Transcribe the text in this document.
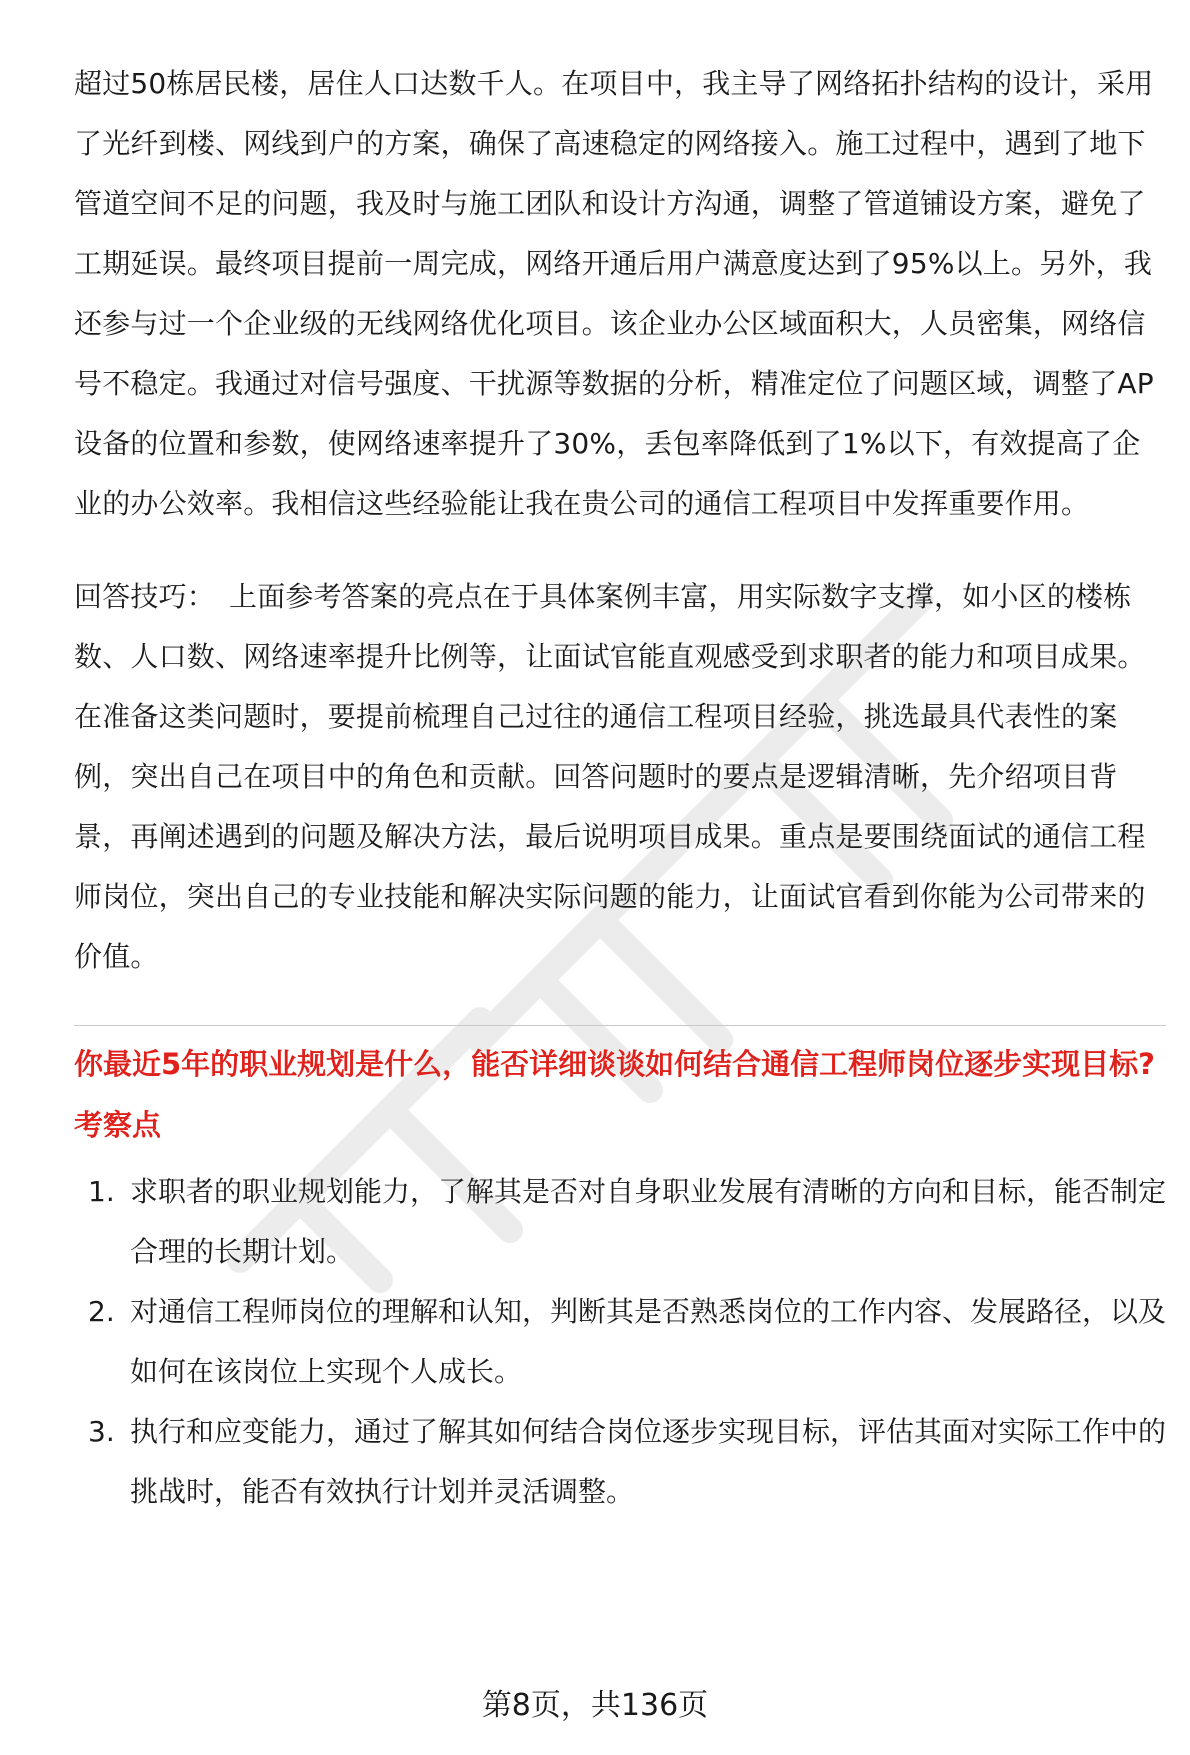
超过50栋居民楼，居住人口达数千人。在项目中，我主导了网络拓扑结构的设计，采用了光纤到楼、网线到户的方案，确保了高速稳定的网络接入。施工过程中，遇到了地下管道空间不足的问题，我及时与施工团队和设计方沟通，调整了管道铺设方案，避免了工期延误。最终项目提前一周完成，网络开通后用户满意度达到了95%以上。另外，我还参与过一个企业级的无线网络优化项目。该企业办公区域面积大，人员密集，网络信号不稳定。我通过对信号强度、干扰源等数据的分析，精准定位了问题区域，调整了AP设备的位置和参数，使网络速率提升了30%，丢包率降低到了1%以下，有效提高了企业的办公效率。我相信这些经验能让我在贵公司的通信工程项目中发挥重要作用。

回答技巧： 上面参考答案的亮点在于具体案例丰富，用实际数字支撑，如小区的楼栋数、人口数、网络速率提升比例等，让面试官能直观感受到求职者的能力和项目成果。在准备这类问题时，要提前梳理自己过往的通信工程项目经验，挑选最具代表性的案例，突出自己在项目中的角色和贡献。回答问题时的要点是逻辑清晰，先介绍项目背景，再阐述遇到的问题及解决方法，最后说明项目成果。重点是要围绕面试的通信工程师岗位，突出自己的专业技能和解决实际问题的能力，让面试官看到你能为公司带来的价值。

你最近5年的职业规划是什么，能否详细谈谈如何结合通信工程师岗位逐步实现目标?

考察点

1. 求职者的职业规划能力，了解其是否对自身职业发展有清晰的方向和目标，能否制定合理的长期计划。
2. 对通信工程师岗位的理解和认知，判断其是否熟悉岗位的工作内容、发展路径，以及如何在该岗位上实现个人成长。
3. 执行和应变能力，通过了解其如何结合岗位逐步实现目标，评估其面对实际工作中的挑战时，能否有效执行计划并灵活调整。
第8页，共136页
